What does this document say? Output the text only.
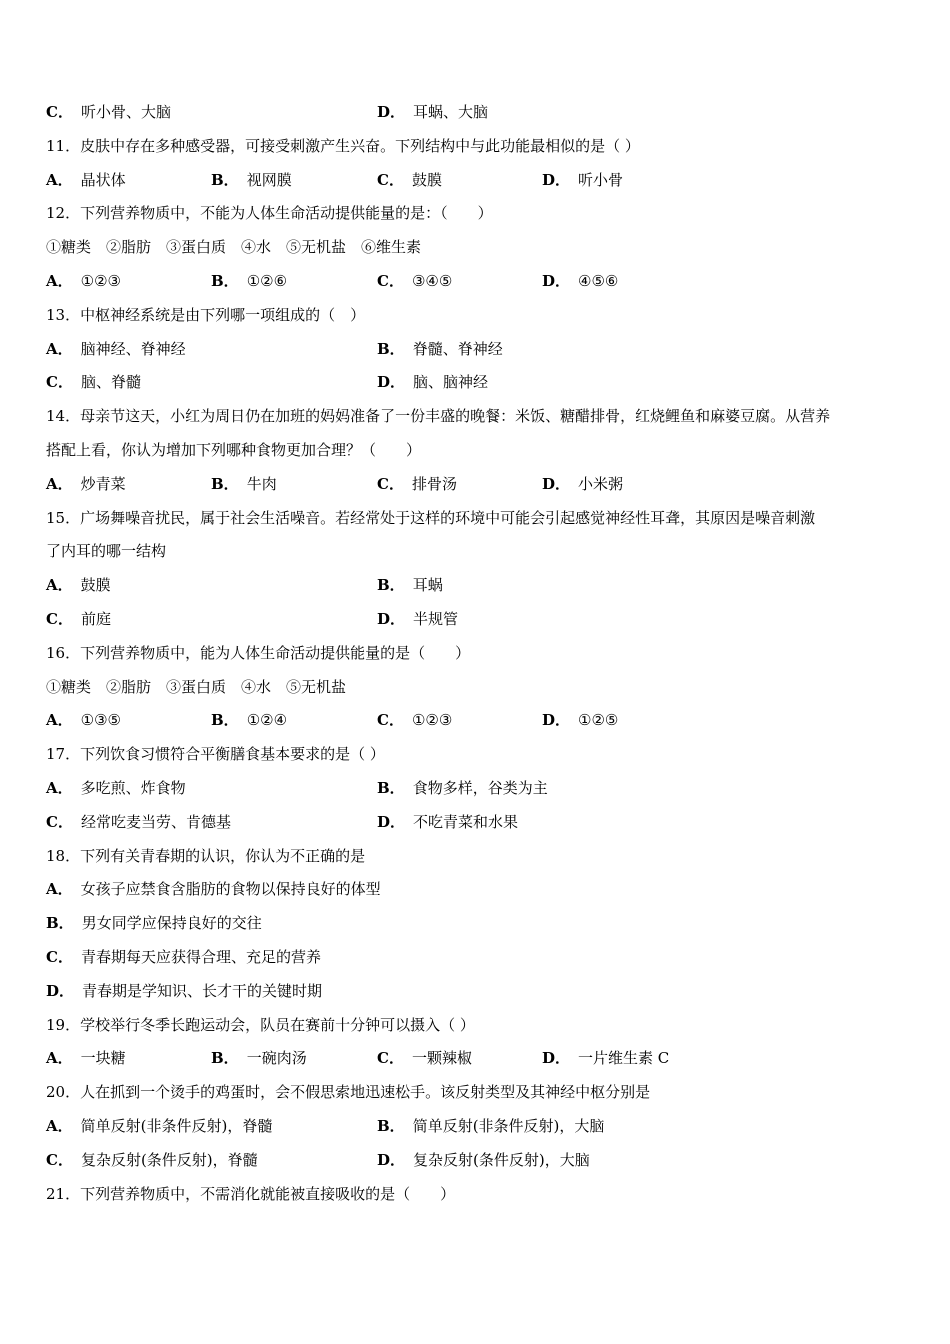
C． 听小骨、大脑	D． 耳蜗、大脑
11．皮肤中存在多种感受器，可接受刺激产生兴奋。下列结构中与此功能最相似的是（ ）
A． 晶状体	B． 视网膜	C． 鼓膜	D． 听小骨
12．下列营养物质中，不能为人体生命活动提供能量的是：（　　）
①糖类　②脂肪　③蛋白质　④水　⑤无机盐　⑥维生素
A． ①②③	B． ①②⑥	C． ③④⑤	D． ④⑤⑥
13．中枢神经系统是由下列哪一项组成的（　）
A． 脑神经、脊神经	B． 脊髓、脊神经
C． 脑、脊髓	D． 脑、脑神经
14．母亲节这天，小红为周日仍在加班的妈妈准备了一份丰盛的晚餐：米饭、糖醋排骨，红烧鲤鱼和麻婆豆腐。从营养
搭配上看，你认为增加下列哪种食物更加合理？（　　）
A． 炒青菜	B． 牛肉	C． 排骨汤	D． 小米粥
15．广场舞噪音扰民，属于社会生活噪音。若经常处于这样的环境中可能会引起感觉神经性耳聋，其原因是噪音刺激
了内耳的哪一结构
A． 鼓膜	B． 耳蜗
C． 前庭	D． 半规管
16．下列营养物质中，能为人体生命活动提供能量的是（　　）
①糖类　②脂肪　③蛋白质　④水　⑤无机盐
A． ①③⑤	B． ①②④	C． ①②③	D． ①②⑤
17．下列饮食习惯符合平衡膳食基本要求的是（ ）
A． 多吃煎、炸食物	B． 食物多样，谷类为主
C． 经常吃麦当劳、肯德基	D． 不吃青菜和水果
18．下列有关青春期的认识，你认为不正确的是
A． 女孩子应禁食含脂肪的食物以保持良好的体型
B． 男女同学应保持良好的交往
C． 青春期每天应获得合理、充足的营养
D． 青春期是学知识、长才干的关键时期
19．学校举行冬季长跑运动会，队员在赛前十分钟可以摄入（ ）
A． 一块糖	B． 一碗肉汤	C． 一颗辣椒	D． 一片维生素 C
20．人在抓到一个烫手的鸡蛋时，会不假思索地迅速松手。该反射类型及其神经中枢分别是
A． 简单反射(非条件反射)，脊髓	B． 简单反射(非条件反射)，大脑
C． 复杂反射(条件反射)，脊髓	D． 复杂反射(条件反射)，大脑
21．下列营养物质中，不需消化就能被直接吸收的是（　　）
